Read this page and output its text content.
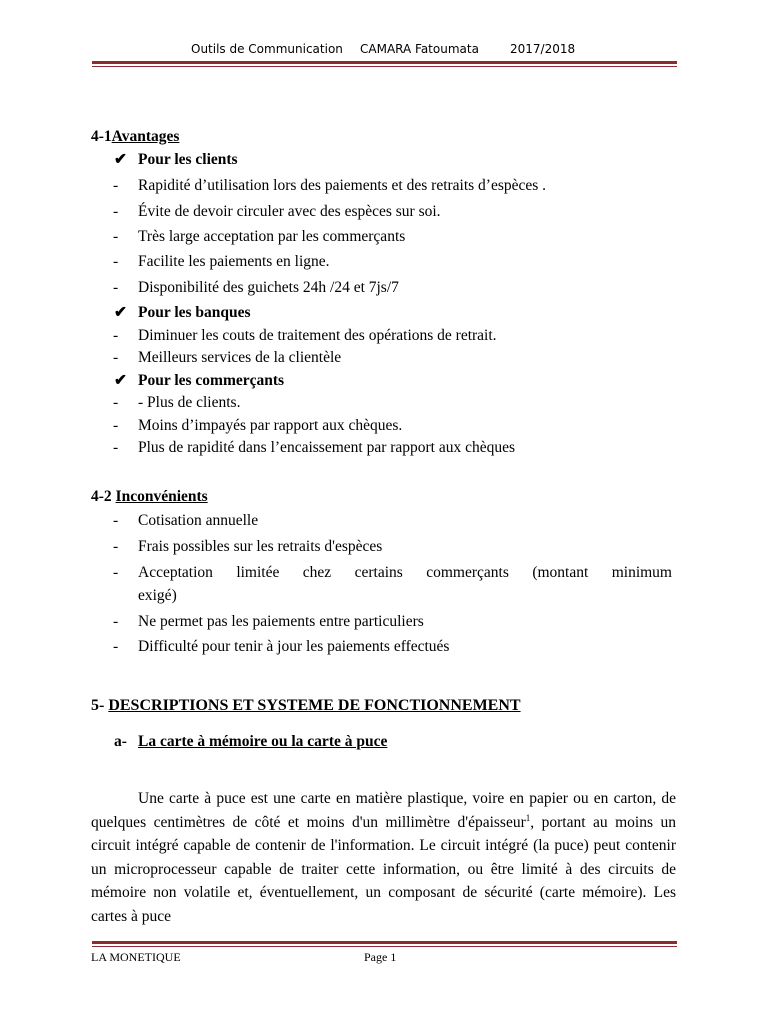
Outils de Communication CAMARA Fatoumata	2017/2018
4-1Avantages
✔ Pour les clients
- Rapidité d’utilisation lors des paiements et des retraits d’espèces .
- Évite de devoir circuler avec des espèces sur soi.
- Très large acceptation par les commerçants
- Facilite les paiements en ligne.
- Disponibilité des guichets 24h /24 et 7js/7
✔ Pour les banques
- Diminuer les couts de traitement des opérations de retrait.
- Meilleurs services de la clientèle
✔ Pour les commerçants
- - Plus de clients.
- Moins d’impayés par rapport aux chèques.
- Plus de rapidité dans l’encaissement par rapport aux chèques
4-2 Inconvénients
- Cotisation annuelle
- Frais possibles sur les retraits d'espèces
- Acceptation limitée chez certains commerçants (montant minimum
exigé)
- Ne permet pas les paiements entre particuliers
- Difficulté pour tenir à jour les paiements effectués
5- DESCRIPTIONS ET SYSTEME DE FONCTIONNEMENT
a- La carte à mémoire ou la carte à puce
Une carte à puce est une carte en matière plastique, voire en papier ou en carton, de quelques centimètres de côté et moins d'un millimètre d'épaisseur$^1$, portant au moins un circuit intégré capable de contenir de l'information. Le circuit intégré (la puce) peut contenir un microprocesseur capable de traiter cette information, ou être limité à des circuits de mémoire non volatile et, éventuellement, un composant de sécurité (carte mémoire). Les cartes à puce
LA MONETIQUE	Page 1
